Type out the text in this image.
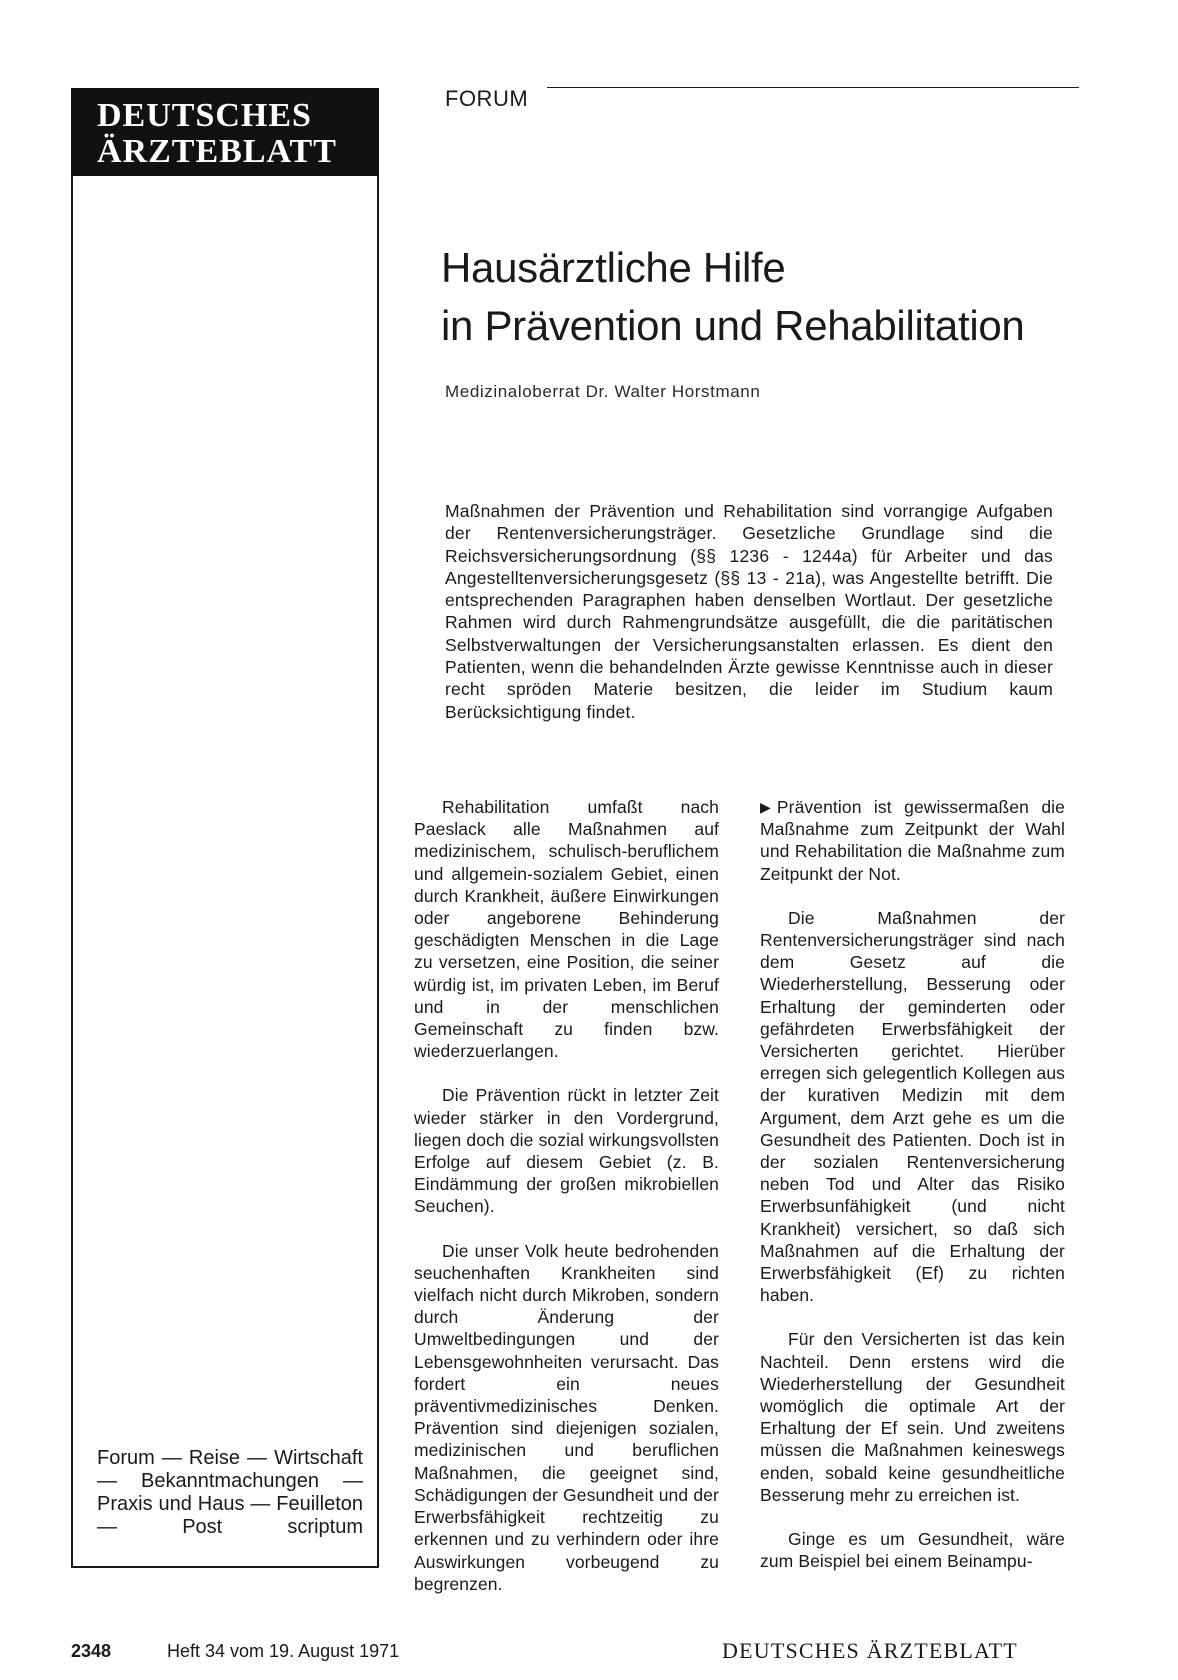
DEUTSCHES
ÄRZTEBLATT
Forum — Reise — Wirtschaft — Bekanntmachungen — Praxis und Haus — Feuilleton — Post scriptum
FORUM
Hausärztliche Hilfe
in Prävention und Rehabilitation
Medizinaloberrat Dr. Walter Horstmann
Maßnahmen der Prävention und Rehabilitation sind vorrangige Aufgaben der Rentenversicherungsträger. Gesetzliche Grundlage sind die Reichsversicherungsordnung (§§ 1236 - 1244a) für Arbeiter und das Angestelltenversicherungsgesetz (§§ 13 - 21a), was Angestellte betrifft. Die entsprechenden Paragraphen haben denselben Wortlaut. Der gesetzliche Rahmen wird durch Rahmengrundsätze ausgefüllt, die die paritätischen Selbstverwaltungen der Versicherungsanstalten erlassen. Es dient den Patienten, wenn die behandelnden Ärzte gewisse Kenntnisse auch in dieser recht spröden Materie besitzen, die leider im Studium kaum Berücksichtigung findet.

Rehabilitation umfaßt nach Paeslack alle Maßnahmen auf medizinischem, schulisch-beruflichem und allgemein-sozialem Gebiet, einen durch Krankheit, äußere Einwirkungen oder angeborene Behinderung geschädigten Menschen in die Lage zu versetzen, eine Position, die seiner würdig ist, im privaten Leben, im Beruf und in der menschlichen Gemeinschaft zu finden bzw. wiederzuerlangen.

Die Prävention rückt in letzter Zeit wieder stärker in den Vordergrund, liegen doch die sozial wirkungsvollsten Erfolge auf diesem Gebiet (z. B. Eindämmung der großen mikrobiellen Seuchen).

Die unser Volk heute bedrohenden seuchenhaften Krankheiten sind vielfach nicht durch Mikroben, sondern durch Änderung der Umweltbedingungen und der Lebensgewohnheiten verursacht. Das fordert ein neues präventivmedizinisches Denken. Prävention sind diejenigen sozialen, medizinischen und beruflichen Maßnahmen, die geeignet sind, Schädigungen der Gesundheit und der Erwerbsfähigkeit rechtzeitig zu erkennen und zu verhindern oder ihre Auswirkungen vorbeugend zu begrenzen.

▶ Prävention ist gewissermaßen die Maßnahme zum Zeitpunkt der Wahl und Rehabilitation die Maßnahme zum Zeitpunkt der Not.

Die Maßnahmen der Rentenversicherungsträger sind nach dem Gesetz auf die Wiederherstellung, Besserung oder Erhaltung der geminderten oder gefährdeten Erwerbsfähigkeit der Versicherten gerichtet. Hierüber erregen sich gelegentlich Kollegen aus der kurativen Medizin mit dem Argument, dem Arzt gehe es um die Gesundheit des Patienten. Doch ist in der sozialen Rentenversicherung neben Tod und Alter das Risiko Erwerbsunfähigkeit (und nicht Krankheit) versichert, so daß sich Maßnahmen auf die Erhaltung der Erwerbsfähigkeit (Ef) zu richten haben.

Für den Versicherten ist das kein Nachteil. Denn erstens wird die Wiederherstellung der Gesundheit womöglich die optimale Art der Erhaltung der Ef sein. Und zweitens müssen die Maßnahmen keineswegs enden, sobald keine gesundheitliche Besserung mehr zu erreichen ist.

Ginge es um Gesundheit, wäre zum Beispiel bei einem Beinampu-

2348	Heft 34 vom 19. August 1971	DEUTSCHES ÄRZTEBLATT
